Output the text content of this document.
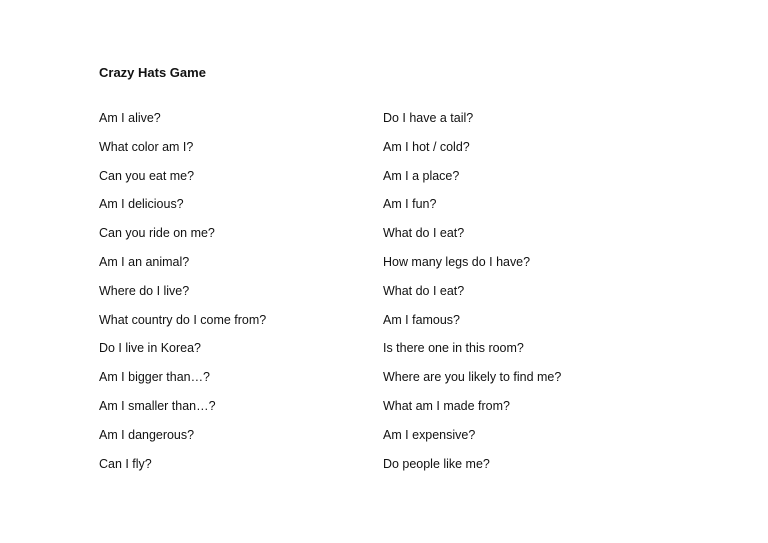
Crazy Hats Game
Am I alive?
What color am I?
Can you eat me?
Am I delicious?
Can you ride on me?
Am I an animal?
Where do I live?
What country do I come from?
Do I live in Korea?
Am I bigger than…?
Am I smaller than…?
Am I dangerous?
Can I fly?
Do I have a tail?
Am I hot / cold?
Am I a place?
Am I fun?
What do I eat?
How many legs do I have?
What do I eat?
Am I famous?
Is there one in this room?
Where are you likely to find me?
What am I made from?
Am I expensive?
Do people like me?
